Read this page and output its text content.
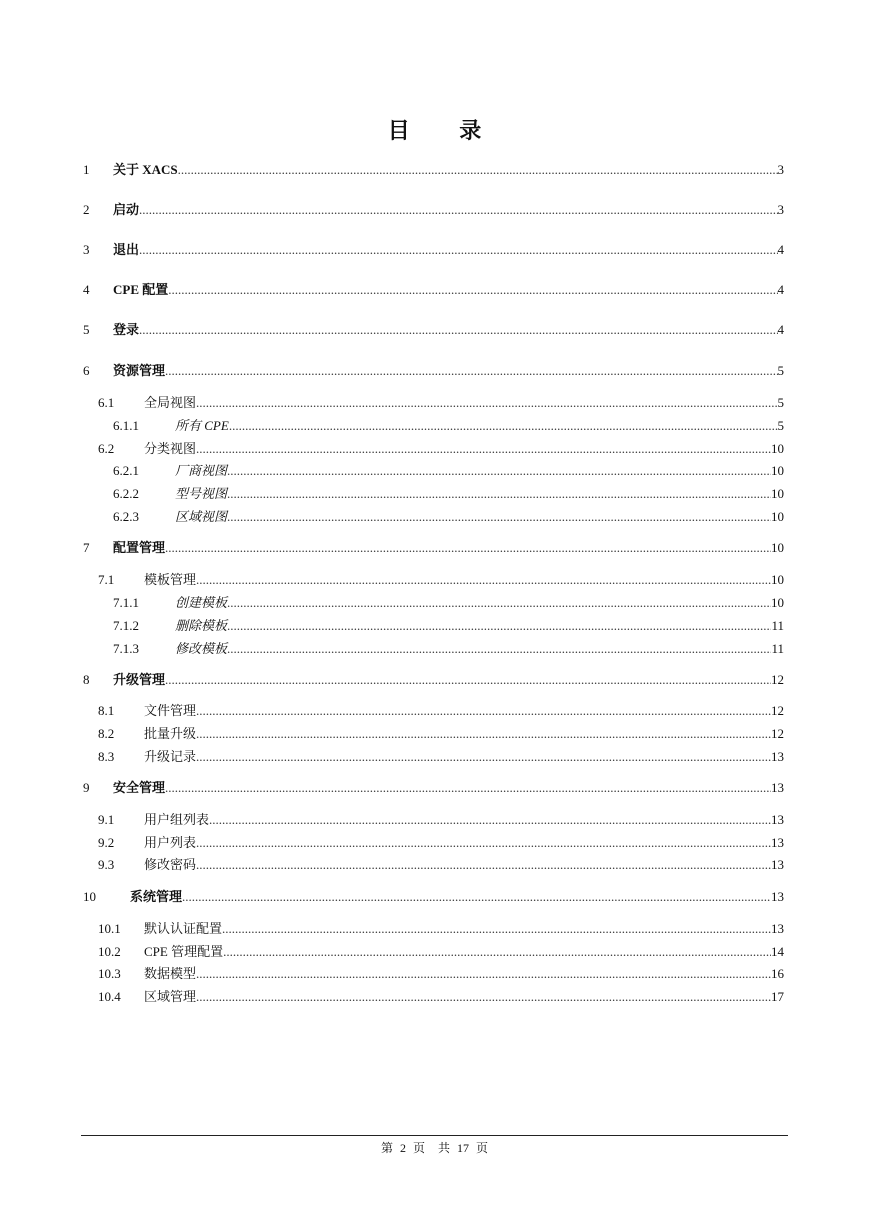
目 录
1 关于 XACS .....	3
2 启动 .....	3
3 退出 .....	4
4 CPE 配置 .....	4
5 登录 .....	4
6 资源管理 .....	5
6.1 全局视图 .....	5
6.1.1	所有 CPE .....	5
6.2 分类视图 .....	10
6.2.1	厂商视图 .....	10
6.2.2	型号视图 .....	10
6.2.3	区域视图 .....	10
7 配置管理 .....	10
7.1 模板管理 .....	10
7.1.1	创建模板 .....	10
7.1.2	删除模板 .....	11
7.1.3	修改模板 .....	11
8 升级管理 .....	12
8.1 文件管理 .....	12
8.2 批量升级 .....	12
8.3 升级记录 .....	13
9 安全管理 .....	13
9.1 用户组列表 .....	13
9.2 用户列表 .....	13
9.3 修改密码 .....	13
10	系统管理 .....	13
10.1 默认认证配置 .....	13
10.2 CPE 管理配置 .....	14
10.3 数据模型 .....	16
10.4 区域管理 .....	17
第 2 页 共 17 页
